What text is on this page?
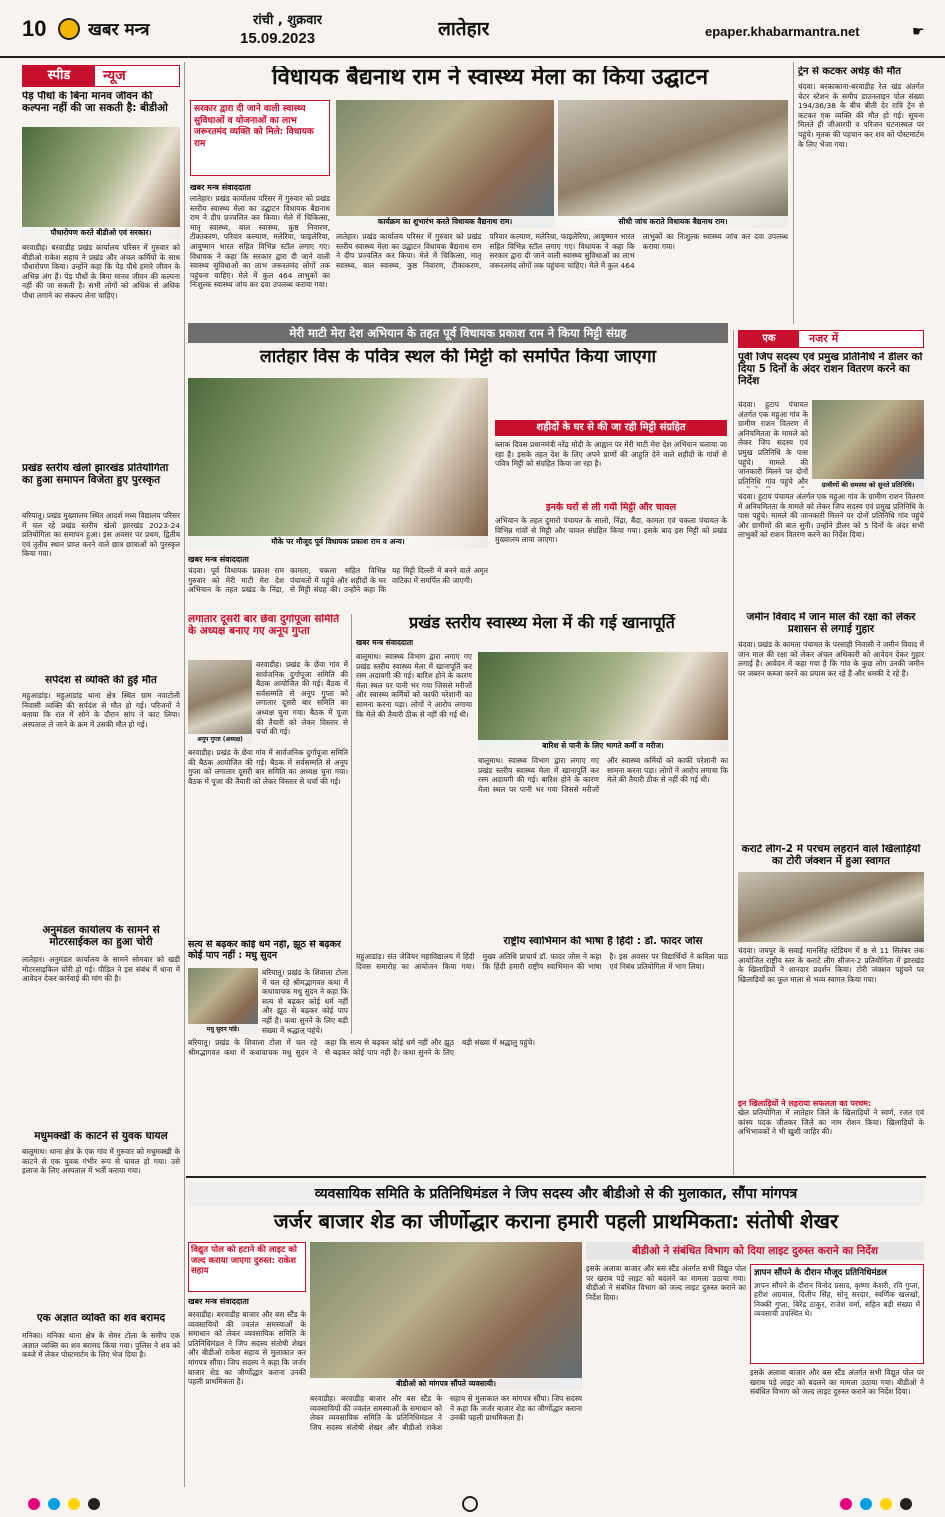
10 खबर मन्त्र	रांची , शुक्रवार
15.09.2023	लातेहार	epaper.khabarmantra.net	☛
स्पीड	न्यूज
पेड़ पौधों के बिना मानव जीवन की कल्पना नहीं की जा सकती है: बीडीओ
पौधारोपण करते बीडीओ एवं सरकार।
बरवाडीह। बरवाडीह प्रखंड कार्यालय परिसर में गुरुवार को बीडीओ राकेश सहाय ने प्रखंड और अंचल कर्मियों के साथ पौधारोपण किया। उन्होंने कहा कि पेड़ पौधे हमारे जीवन के अभिन्न अंग हैं। पेड़ पौधों के बिना मानव जीवन की कल्पना नहीं की जा सकती है। सभी लोगों को अधिक से अधिक पौधा लगाने का संकल्प लेना चाहिए।
प्रखंड स्तरीय खेलो झारखंड प्रतियोगिता का हुआ समापन विजेता हुए पुरस्कृत
बरियातू। प्रखंड मुख्यालय स्थित आदर्श मध्य विद्यालय परिसर में चल रहे प्रखंड स्तरीय खेलो झारखंड 2023-24 प्रतियोगिता का समापन हुआ। इस अवसर पर प्रथम, द्वितीय एवं तृतीय स्थान प्राप्त करने वाले छात्र छात्राओं को पुरस्कृत किया गया।
सर्पदंश से व्यक्ति की हुई मौत
महुआडांड़। महुआडांड़ थाना क्षेत्र स्थित ग्राम नवाटोली निवासी व्यक्ति की सर्पदंश से मौत हो गई। परिजनों ने बताया कि रात में सोने के दौरान सांप ने काट लिया। अस्पताल ले जाने के क्रम में उसकी मौत हो गई।
अनुमंडल कार्यालय के सामने से मोटरसाईकल का हुआ चोरी
लातेहार। अनुमंडल कार्यालय के सामने सोमवार को खड़ी मोटरसाइकिल चोरी हो गई। पीड़ित ने इस संबंध में थाना में आवेदन देकर कार्रवाई की मांग की है।
मधुमक्खी के काटने से युवक घायल
बालूमाथ। थाना क्षेत्र के एक गांव में गुरुवार को मधुमक्खी के काटने से एक युवक गंभीर रूप से घायल हो गया। उसे इलाज के लिए अस्पताल में भर्ती कराया गया।
एक अज्ञात व्यक्ति का शव बरामद
मनिका। मनिका थाना क्षेत्र के सेमर टोला के समीप एक अज्ञात व्यक्ति का शव बरामद किया गया। पुलिस ने शव को कब्जे में लेकर पोस्टमार्टम के लिए भेज दिया है।
विधायक बैद्यनाथ राम ने स्वास्थ्य मेला का किया उद्घाटन
सरकार द्वारा दी जाने वाली स्वास्थ्य सुविधाओं व योजनाओं का लाभ जरूरतमंद व्यक्ति को मिले: विधायक राम
खबर मन्त्र संवाददाता
कार्यक्रम का शुभारंभ करते विधायक वैद्यनाथ राम।	सीधी जांच कराते विधायक बैद्यनाथ राम।
लातेहार। प्रखंड कार्यालय परिसर में गुरुवार को प्रखंड स्तरीय स्वास्थ्य मेला का उद्घाटन विधायक बैद्यनाथ राम ने दीप प्रज्वलित कर किया। मेले में चिकित्सा, मातृ स्वास्थ्य, बाल स्वास्थ्य, कुष्ठ निवारण, टीकाकरण, परिवार कल्याण, मलेरिया, फाइलेरिया, आयुष्मान भारत सहित विभिन्न स्टॉल लगाए गए। विधायक ने कहा कि सरकार द्वारा दी जाने वाली स्वास्थ्य सुविधाओं का लाभ जरूरतमंद लोगों तक पहुंचना चाहिए। मेले में कुल 464 लाभुकों का निःशुल्क स्वास्थ्य जांच कर दवा उपलब्ध कराया गया।
लातेहार। प्रखंड कार्यालय परिसर में गुरुवार को प्रखंड स्तरीय स्वास्थ्य मेला का उद्घाटन विधायक बैद्यनाथ राम ने दीप प्रज्वलित कर किया। मेले में चिकित्सा, मातृ स्वास्थ्य, बाल स्वास्थ्य, कुष्ठ निवारण, टीकाकरण, परिवार कल्याण, मलेरिया, फाइलेरिया, आयुष्मान भारत सहित विभिन्न स्टॉल लगाए गए। विधायक ने कहा कि सरकार द्वारा दी जाने वाली स्वास्थ्य सुविधाओं का लाभ जरूरतमंद लोगों तक पहुंचना चाहिए। मेले में कुल 464 लाभुकों का निःशुल्क स्वास्थ्य जांच कर दवा उपलब्ध कराया गया।
ट्रेन से कटकर अधेड़ की मौत
चंदवा। बरकाकाना-बरवाडीह रेल खंड अंतर्गत चेटर स्टेशन के समीप डाउनलाइन पोल संख्या 194/36/38 के बीच बीती देर रात्रि ट्रेन से कटकर एक व्यक्ति की मौत हो गई। सूचना मिलते ही जीआरपी व परिजन घटनास्थल पर पहुंचे। मृतक की पहचान कर शव को पोस्टमार्टम के लिए भेजा गया।
मेरी माटी मेरा देश अभियान के तहत पूर्व विधायक प्रकाश राम ने किया मिट्टी संग्रह
लातेहार विस के पवित्र स्थल की मिट्टी को समर्पित किया जाएगा
मौके पर मौजूद पूर्व विधायक प्रकाश राम व अन्य।
खबर मन्त्र संवाददाता
चंदवा। पूर्व विधायक प्रकाश राम गुरुवार को मेरी माटी मेरा देश अभियान के तहत प्रखंड के निंद्रा, कामता, चकला सहित विभिन्न पंचायतों में पहुंचे और शहीदों के घर से मिट्टी संग्रह की। उन्होंने कहा कि यह मिट्टी दिल्ली में बनने वाले अमृत वाटिका में समर्पित की जाएगी।
शहीदों के घर से की जा रही मिट्टी संग्रहित
ब्लाक दिवस प्रधानमंत्री नरेंद्र मोदी के आह्वान पर मेरी माटी मेरा देश अभियान चलाया जा रहा है। इसके तहत देश के लिए अपने प्राणों की आहुति देने वाले शहीदों के गांवों से पवित्र मिट्टी को संग्रहित किया जा रहा है।
इनके घरों से ली गयी मिट्टी और चावल
अभियान के तहत दुमारो पंचायत के सालो, निंद्रा, बैंदा, कामता एवं चकला पंचायत के विभिन्न गांवों से मिट्टी और चावल संग्रहित किया गया। इसके बाद इस मिट्टी को प्रखंड मुख्यालय लाया जाएगा।
एक	नजर में
पूर्वी जिप सदस्य एवं प्रमुख प्रतिनिधि ने डीलर को दिया 5 दिनों के अंदर राशन वितरण करने का निर्देश
चंदवा। हुटाप पंचायत अंतर्गत एक महुआ गांव के ग्रामीण राशन वितरण में अनियमितता के मामले को लेकर जिप सदस्य एवं प्रमुख प्रतिनिधि के पास पहुंचे। मामले की जानकारी मिलने पर दोनों प्रतिनिधि गांव पहुंचे और	ग्रामीणों की समस्या को सुनते प्रतिनिधि।
चंदवा। हुटाप पंचायत अंतर्गत एक महुआ गांव के ग्रामीण राशन वितरण में अनियमितता के मामले को लेकर जिप सदस्य एवं प्रमुख प्रतिनिधि के पास पहुंचे। मामले की जानकारी मिलने पर दोनों प्रतिनिधि गांव पहुंचे और ग्रामीणों की बात सुनी। उन्होंने डीलर को 5 दिनों के अंदर सभी लाभुकों को राशन वितरण करने का निर्देश दिया।
जमीन विवाद में जान माल की रक्षा को लेकर प्रशासन से लगाई गुहार
चंदवा। प्रखंड के कामता पंचायत के परसाही निवासी ने जमीन विवाद में जान माल की रक्षा को लेकर अंचल अधिकारी को आवेदन देकर गुहार लगाई है। आवेदन में कहा गया है कि गांव के कुछ लोग उनकी जमीन पर जबरन कब्जा करने का प्रयास कर रहे हैं और धमकी दे रहे हैं।
कराटे लीग-2 में परचम लहराने वाले खिलाड़ियों का टोरी जंक्शन में हुआ स्वागत
चंदवा। जयपुर के सवाई मानसिंह स्टेडियम में 8 से 11 सितंबर तक आयोजित राष्ट्रीय स्तर के कराटे लीग सीजन-2 प्रतियोगिता में झारखंड के खिलाड़ियों ने शानदार प्रदर्शन किया। टोरी जंक्शन पहुंचने पर खिलाड़ियों का फूल माला से भव्य स्वागत किया गया।
इन खिलाड़ियों ने लहराया सफलता का परचम:
खेल प्रतियोगिता में लातेहार जिले के खिलाड़ियों ने स्वर्ण, रजत एवं कांस्य पदक जीतकर जिले का नाम रोशन किया। खिलाड़ियों के अभिभावकों ने भी खुशी जाहिर की।
लगातार दूसरी बार छेंवा दुर्गापूजा समिति के अध्यक्ष बनाए गए अनूप गुप्ता
अनूप गुप्ता (अध्यक्ष)
बरवाडीह। प्रखंड के छेंवा गांव में सार्वजनिक दुर्गापूजा समिति की बैठक आयोजित की गई। बैठक में सर्वसम्मति से अनूप गुप्ता को लगातार दूसरी बार समिति का अध्यक्ष चुना गया। बैठक में पूजा की तैयारी को लेकर विस्तार से चर्चा की गई।
बरवाडीह। प्रखंड के छेंवा गांव में सार्वजनिक दुर्गापूजा समिति की बैठक आयोजित की गई। बैठक में सर्वसम्मति से अनूप गुप्ता को लगातार दूसरी बार समिति का अध्यक्ष चुना गया। बैठक में पूजा की तैयारी को लेकर विस्तार से चर्चा की गई।
सत्य से बढ़कर कोई धर्म नहीं, झूठ से बढ़कर कोई पाप नहीं : मधु सुदन
मधु सुदन पांडे।
बरियातू। प्रखंड के शिवाला टोला में चल रहे श्रीमद्भागवत कथा में कथावाचक मधु सुदन ने कहा कि सत्य से बढ़कर कोई धर्म नहीं और झूठ से बढ़कर कोई पाप नहीं है। कथा सुनने के लिए बड़ी संख्या में श्रद्धालु पहुंचे।
बरियातू। प्रखंड के शिवाला टोला में चल रहे श्रीमद्भागवत कथा में कथावाचक मधु सुदन ने कहा कि सत्य से बढ़कर कोई धर्म नहीं और झूठ से बढ़कर कोई पाप नहीं है। कथा सुनने के लिए बड़ी संख्या में श्रद्धालु पहुंचे।
प्रखंड स्तरीय स्वास्थ्य मेला में की गई खानापूर्ति
खबर मन्त्र संवाददाता
बालूमाथ। स्वास्थ्य विभाग द्वारा लगाए गए प्रखंड स्तरीय स्वास्थ्य मेला में खानापूर्ति कर रस्म अदायगी की गई। बारिश होने के कारण मेला स्थल पर पानी भर गया जिससे मरीजों और स्वास्थ्य कर्मियों को काफी परेशानी का सामना करना पड़ा। लोगों ने आरोप लगाया कि मेले की तैयारी ठीक से नहीं की गई थी।
बारिश से पानी के लिए भागते कर्मी व मरीज।
बालूमाथ। स्वास्थ्य विभाग द्वारा लगाए गए प्रखंड स्तरीय स्वास्थ्य मेला में खानापूर्ति कर रस्म अदायगी की गई। बारिश होने के कारण मेला स्थल पर पानी भर गया जिससे मरीजों और स्वास्थ्य कर्मियों को काफी परेशानी का सामना करना पड़ा। लोगों ने आरोप लगाया कि मेले की तैयारी ठीक से नहीं की गई थी।
राष्ट्रीय स्वाभिमान की भाषा है हिंदी : डॉ. फादर जोस
महुआडांड़। संत जेवियर महाविद्यालय में हिंदी दिवस समारोह का आयोजन किया गया। मुख्य अतिथि प्राचार्य डॉ. फादर जोस ने कहा कि हिंदी हमारी राष्ट्रीय स्वाभिमान की भाषा है। इस अवसर पर विद्यार्थियों ने कविता पाठ एवं निबंध प्रतियोगिता में भाग लिया।
व्यवसायिक समिति के प्रतिनिधिमंडल ने जिप सदस्य और बीडीओ से की मुलाकात, सौंपा मांगपत्र
जर्जर बाजार शेड का जीर्णोद्धार कराना हमारी पहली प्राथमिकता: संतोषी शेखर
विद्युत पोल को हटाने की लाइट को जल्द कराया जाएगा दुरुस्त: राकेश सहाय
खबर मन्त्र संवाददाता
बरवाडीह। बरवाडीह बाजार और बस स्टैंड के व्यवसायियों की ज्वलंत समस्याओं के समाधान को लेकर व्यवसायिक समिति के प्रतिनिधिमंडल ने जिप सदस्य संतोषी शेखर और बीडीओ राकेश सहाय से मुलाकात कर मांगपत्र सौंपा। जिप सदस्य ने कहा कि जर्जर बाजार शेड का जीर्णोद्धार कराना उनकी पहली प्राथमिकता है।	बीडीओ को मांगपत्र सौंपते व्यवसायी।
बरवाडीह। बरवाडीह बाजार और बस स्टैंड के व्यवसायियों की ज्वलंत समस्याओं के समाधान को लेकर व्यवसायिक समिति के प्रतिनिधिमंडल ने जिप सदस्य संतोषी शेखर और बीडीओ राकेश सहाय से मुलाकात कर मांगपत्र सौंपा। जिप सदस्य ने कहा कि जर्जर बाजार शेड का जीर्णोद्धार कराना उनकी पहली प्राथमिकता है।
बीडीओ ने संबंधित विभाग को दिया लाइट दुरुस्त कराने का निर्देश
इसके अलावा बाजार और बस स्टैंड अंतर्गत सभी विद्युत पोल पर खराब पड़े लाइट को बदलने का मामला उठाया गया। बीडीओ ने संबंधित विभाग को जल्द लाइट दुरुस्त कराने का निर्देश दिया।
ज्ञापन सौंपने के दौरान मौजूद प्रतिनिधिमंडल
ज्ञापन सौंपने के दौरान विनोद प्रसाद, कृष्णा केशरी, रवि गुप्ता, हरीश अग्रवाल, दिलीप सिंह, सोनू सरदार, स्वर्णिक खलखो, निक्की गुप्ता, बिरेंद्र ठाकुर, राजेश वर्मा, सहित बड़ी संख्या में व्यवसायी उपस्थित थे।
इसके अलावा बाजार और बस स्टैंड अंतर्गत सभी विद्युत पोल पर खराब पड़े लाइट को बदलने का मामला उठाया गया। बीडीओ ने संबंधित विभाग को जल्द लाइट दुरुस्त कराने का निर्देश दिया।
